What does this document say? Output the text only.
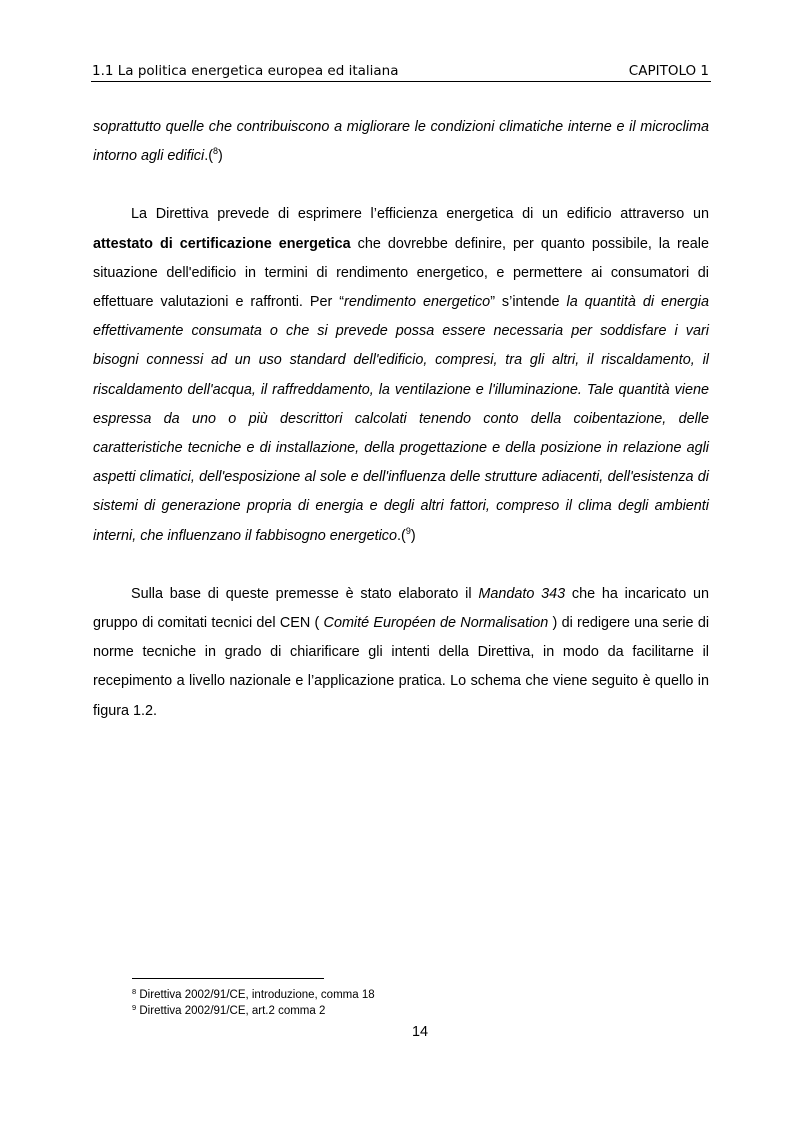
1.1 La politica energetica europea ed italiana	CAPITOLO 1

soprattutto quelle che contribuiscono a migliorare le condizioni climatiche interne e il microclima intorno agli edifici.($^8$)

La Direttiva prevede di esprimere l’efficienza energetica di un edificio attraverso un attestato di certificazione energetica che dovrebbe definire, per quanto possibile, la reale situazione dell'edificio in termini di rendimento energetico, e permettere ai consumatori di effettuare valutazioni e raffronti. Per “rendimento energetico” s’intende la quantità di energia effettivamente consumata o che si prevede possa essere necessaria per soddisfare i vari bisogni connessi ad un uso standard dell'edificio, compresi, tra gli altri, il riscaldamento, il riscaldamento dell'acqua, il raffreddamento, la ventilazione e l'illuminazione. Tale quantità viene espressa da uno o più descrittori calcolati tenendo conto della coibentazione, delle caratteristiche tecniche e di installazione, della progettazione e della posizione in relazione agli aspetti climatici, dell'esposizione al sole e dell'influenza delle strutture adiacenti, dell'esistenza di sistemi di generazione propria di energia e degli altri fattori, compreso il clima degli ambienti interni, che influenzano il fabbisogno energetico.($^9$)

Sulla base di queste premesse è stato elaborato il Mandato 343 che ha incaricato un gruppo di comitati tecnici del CEN ( Comité Européen de Normalisation ) di redigere una serie di norme tecniche in grado di chiarificare gli intenti della Direttiva, in modo da facilitarne il recepimento a livello nazionale e l’applicazione pratica. Lo schema che viene seguito è quello in figura 1.2.

$^8$ Direttiva 2002/91/CE, introduzione, comma 18
$^9$ Direttiva 2002/91/CE, art.2 comma 2
14
